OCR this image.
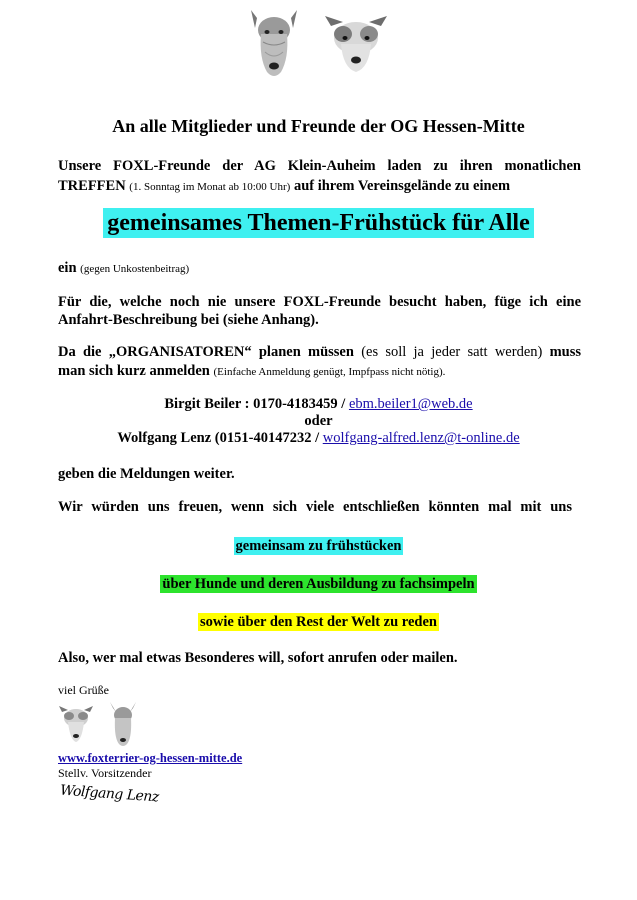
An alle Mitglieder und Freunde der OG Hessen-Mitte
Unsere FOXL-Freunde der AG Klein-Auheim laden zu ihren monatlichen
TREFFEN (1. Sonntag im Monat ab 10:00 Uhr) auf ihrem Vereinsgelände zu einem
gemeinsames Themen-Frühstück für Alle
ein (gegen Unkostenbeitrag)
Für die, welche noch nie unsere FOXL-Freunde besucht haben, füge ich eine
Anfahrt-Beschreibung bei (siehe Anhang).
Da die „ORGANISATOREN“ planen müssen (es soll ja jeder satt werden) muss
man sich kurz anmelden (Einfache Anmeldung genügt, Impfpass nicht nötig).
Birgit Beiler : 0170-4183459 / ebm.beiler1@web.de
oder
Wolfgang Lenz (0151-40147232 / wolfgang-alfred.lenz@t-online.de
geben die Meldungen weiter.
Wir würden uns freuen, wenn sich viele entschließen könnten mal mit uns
gemeinsam zu frühstücken
über Hunde und deren Ausbildung zu fachsimpeln
sowie über den Rest der Welt zu reden
Also, wer mal etwas Besonderes will, sofort anrufen oder mailen.
viel Grüße
www.foxterrier-og-hessen-mitte.de
Stellv. Vorsitzender
Wolfgang Lenz
